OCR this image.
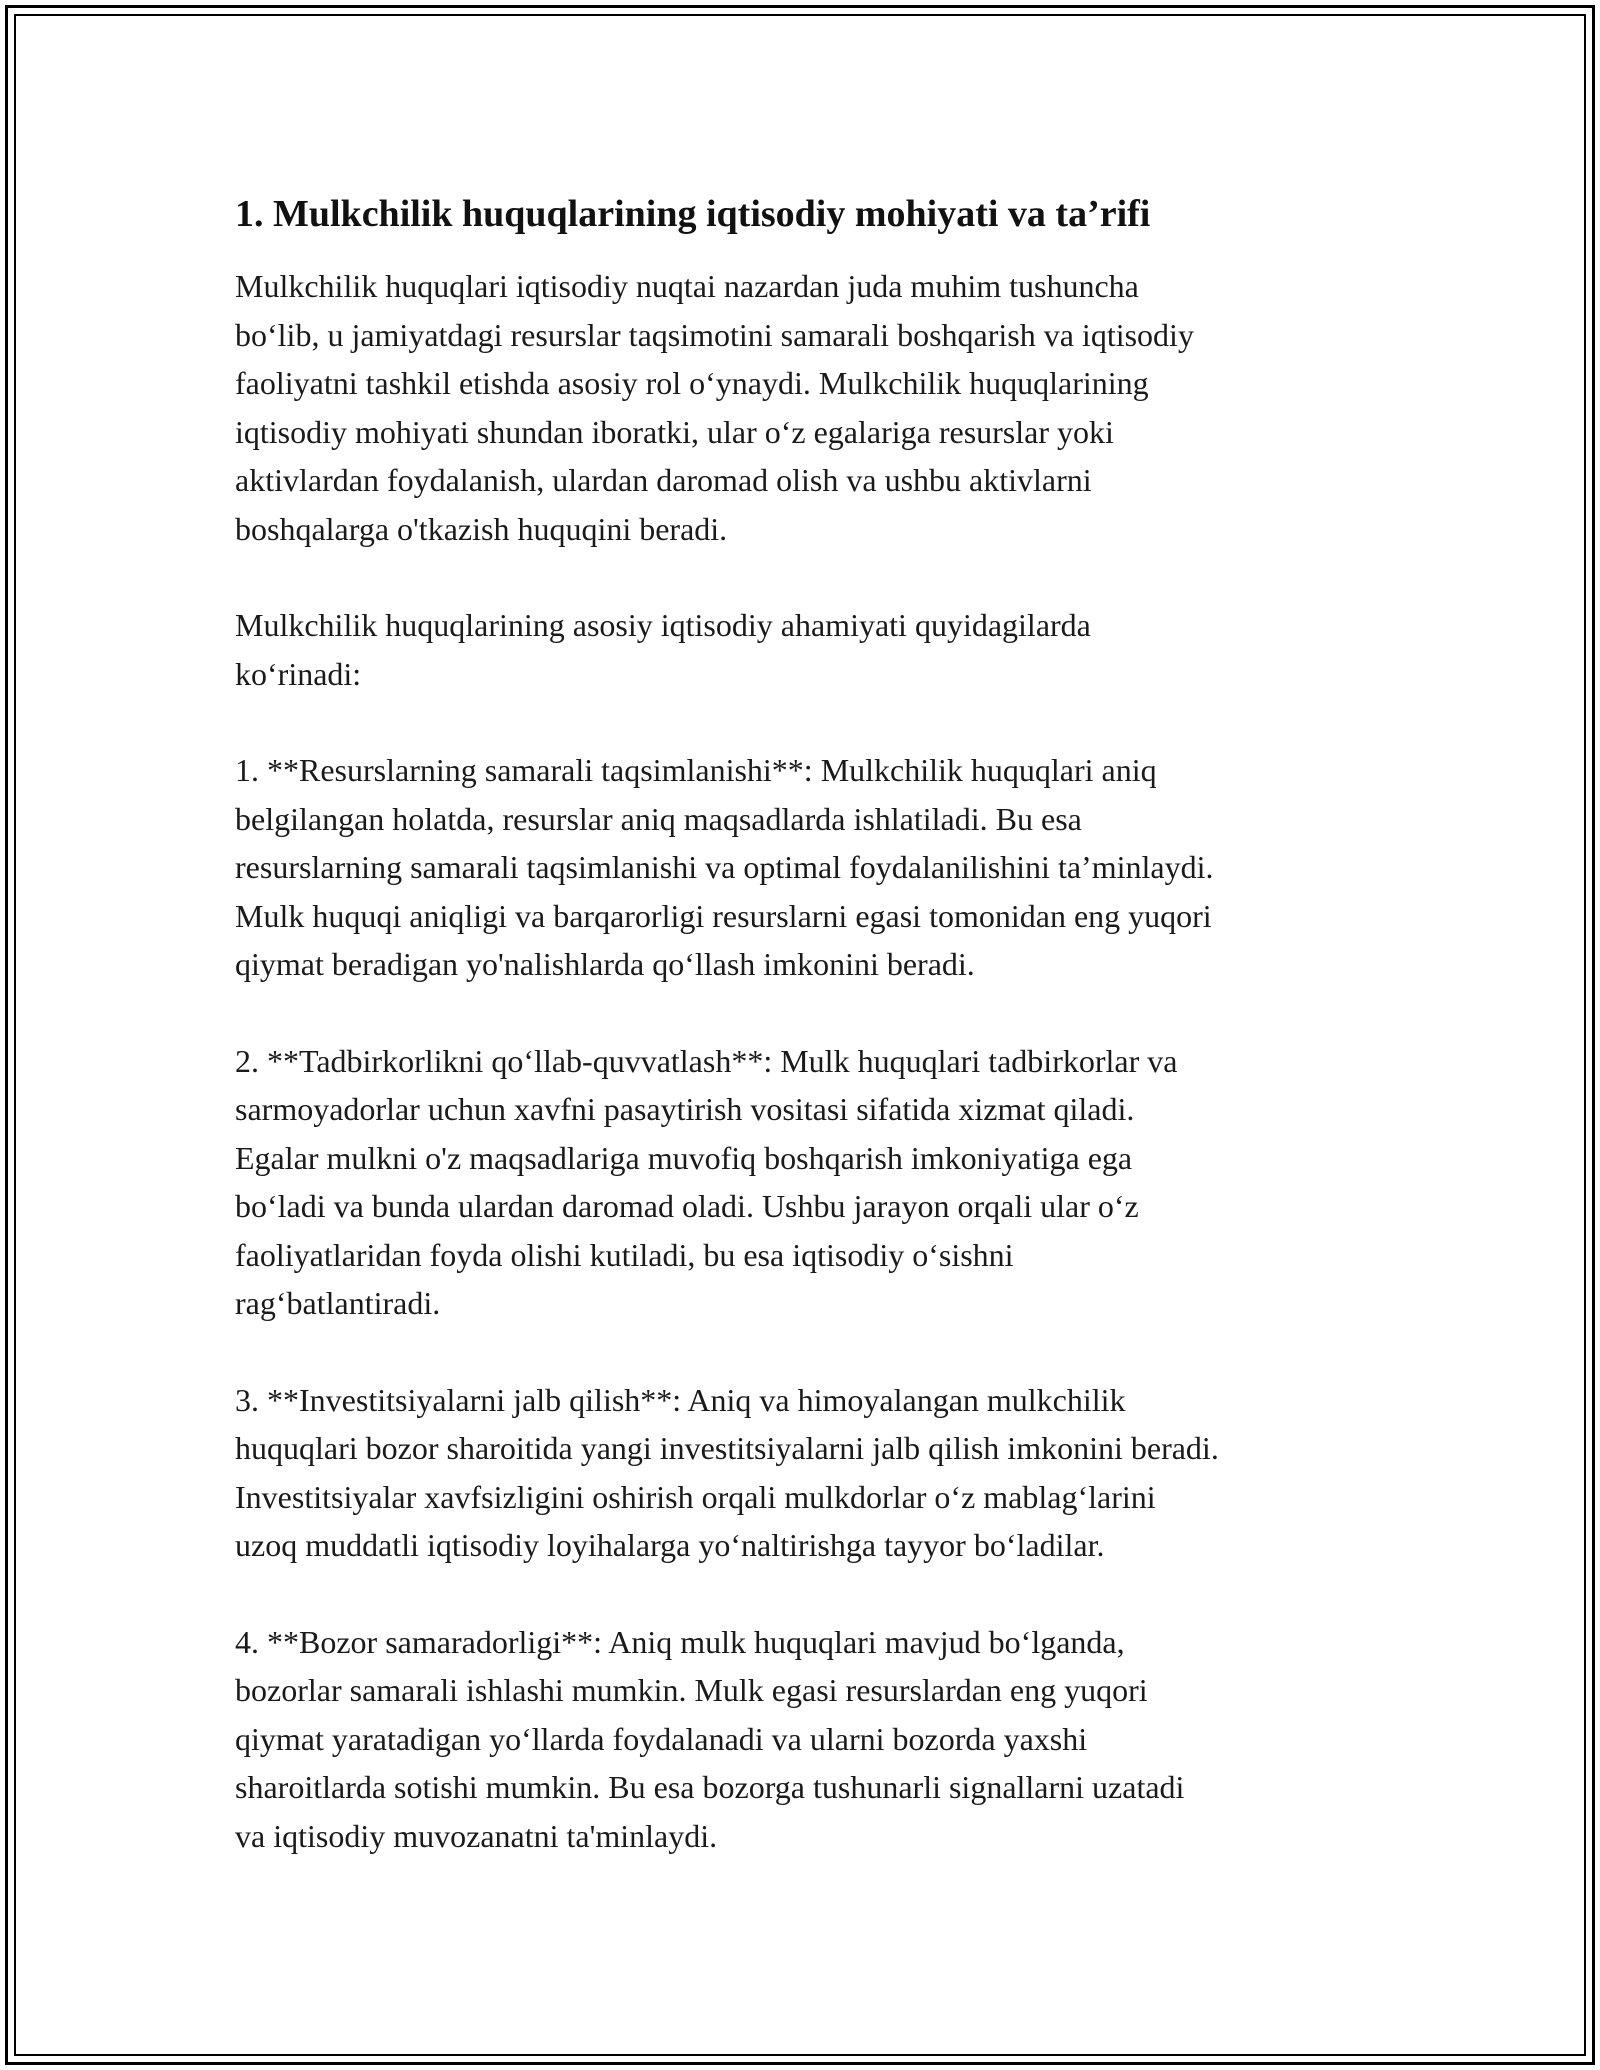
1. Mulkchilik huquqlarining iqtisodiy mohiyati va ta’rifi

Mulkchilik huquqlari iqtisodiy nuqtai nazardan juda muhim tushuncha
bo‘lib, u jamiyatdagi resurslar taqsimotini samarali boshqarish va iqtisodiy
faoliyatni tashkil etishda asosiy rol o‘ynaydi. Mulkchilik huquqlarining
iqtisodiy mohiyati shundan iboratki, ular o‘z egalariga resurslar yoki
aktivlardan foydalanish, ulardan daromad olish va ushbu aktivlarni
boshqalarga o'tkazish huquqini beradi.

Mulkchilik huquqlarining asosiy iqtisodiy ahamiyati quyidagilarda
ko‘rinadi:

1. **Resurslarning samarali taqsimlanishi**: Mulkchilik huquqlari aniq
belgilangan holatda, resurslar aniq maqsadlarda ishlatiladi. Bu esa
resurslarning samarali taqsimlanishi va optimal foydalanilishini ta’minlaydi.
Mulk huquqi aniqligi va barqarorligi resurslarni egasi tomonidan eng yuqori
qiymat beradigan yo'nalishlarda qo‘llash imkonini beradi.

2. **Tadbirkorlikni qo‘llab-quvvatlash**: Mulk huquqlari tadbirkorlar va
sarmoyadorlar uchun xavfni pasaytirish vositasi sifatida xizmat qiladi.
Egalar mulkni o'z maqsadlariga muvofiq boshqarish imkoniyatiga ega
bo‘ladi va bunda ulardan daromad oladi. Ushbu jarayon orqali ular o‘z
faoliyatlaridan foyda olishi kutiladi, bu esa iqtisodiy o‘sishni
rag‘batlantiradi.

3. **Investitsiyalarni jalb qilish**: Aniq va himoyalangan mulkchilik
huquqlari bozor sharoitida yangi investitsiyalarni jalb qilish imkonini beradi.
Investitsiyalar xavfsizligini oshirish orqali mulkdorlar o‘z mablag‘larini
uzoq muddatli iqtisodiy loyihalarga yo‘naltirishga tayyor bo‘ladilar.

4. **Bozor samaradorligi**: Aniq mulk huquqlari mavjud bo‘lganda,
bozorlar samarali ishlashi mumkin. Mulk egasi resurslardan eng yuqori
qiymat yaratadigan yo‘llarda foydalanadi va ularni bozorda yaxshi
sharoitlarda sotishi mumkin. Bu esa bozorga tushunarli signallarni uzatadi
va iqtisodiy muvozanatni ta'minlaydi.
